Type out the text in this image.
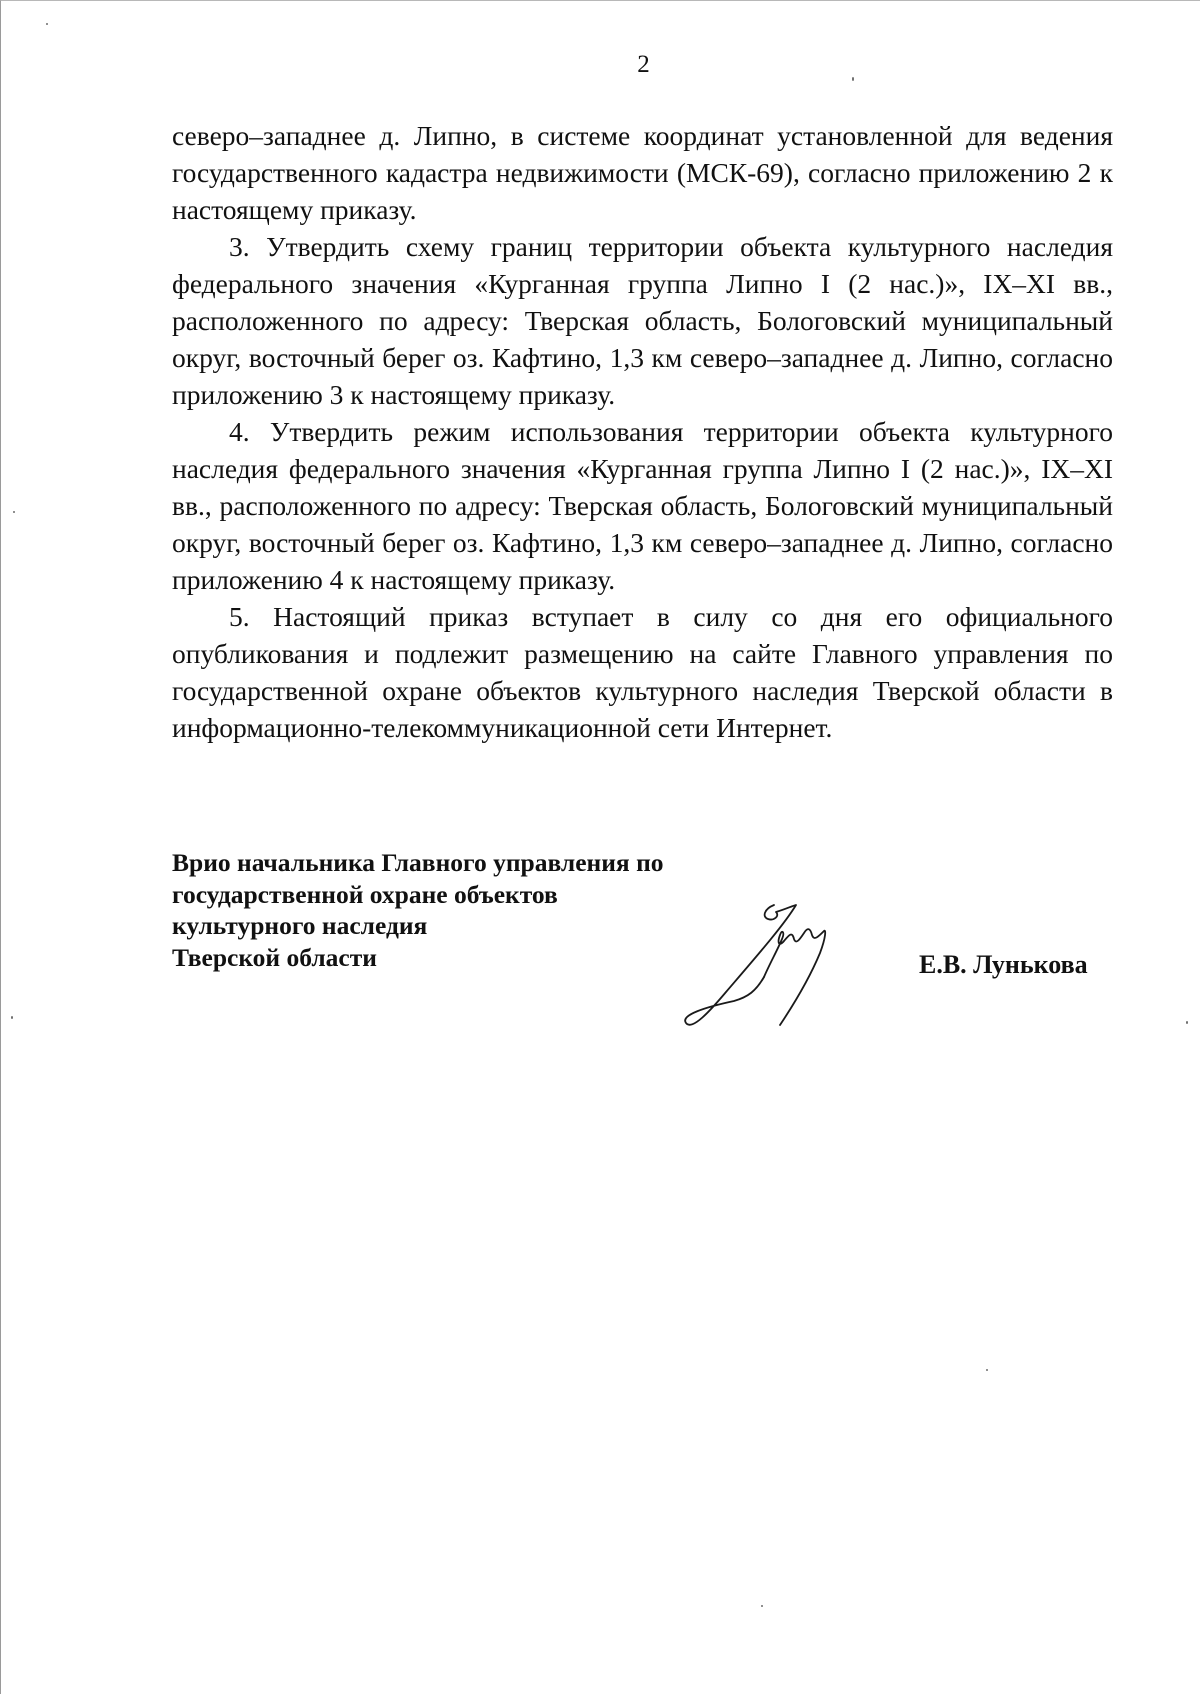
2

северо–западнее д. Липно, в системе координат установленной для ведения государственного кадастра недвижимости (МСК-69), согласно приложению 2 к настоящему приказу.

3. Утвердить схему границ территории объекта культурного наследия федерального значения «Курганная группа Липно I (2 нас.)», IX–XI вв., расположенного по адресу: Тверская область, Бологовский муниципальный округ, восточный берег оз. Кафтино, 1,3 км северо–западнее д. Липно, согласно приложению 3 к настоящему приказу.

4. Утвердить режим использования территории объекта культурного наследия федерального значения «Курганная группа Липно I (2 нас.)», IX–XI вв., расположенного по адресу: Тверская область, Бологовский муниципальный округ, восточный берег оз. Кафтино, 1,3 км северо–западнее д. Липно, согласно приложению 4 к настоящему приказу.

5. Настоящий приказ вступает в силу со дня его официального опубликования и подлежит размещению на сайте Главного управления по государственной охране объектов культурного наследия Тверской области в информационно-телекоммуникационной сети Интернет.

Врио начальника Главного управления по
государственной охране объектов
культурного наследия
Тверской области	Е.В. Лунькова
